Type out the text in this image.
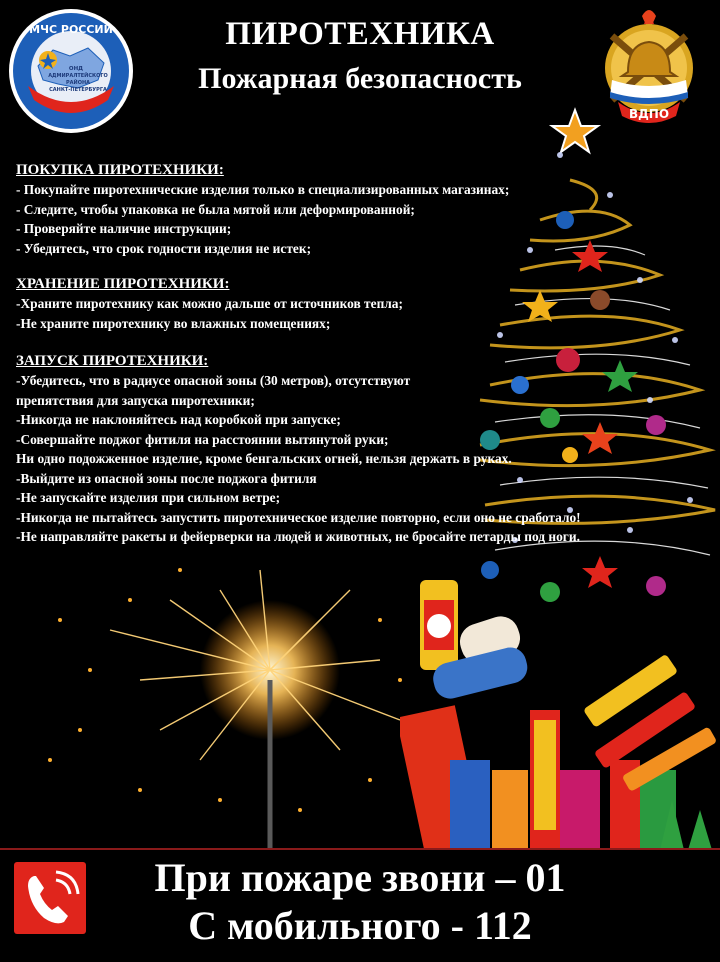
МЧС РОССИИ
ОНД
АДМИРАЛТЕЙСКОГО
РАЙОНА
САНКТ-ПЕТЕРБУРГА
ПИРОТЕХНИКА
Пожарная безопасность
ВДПО

ПОКУПКА ПИРОТЕХНИКИ:

- Покупайте пиротехнические изделия только в специализированных магазинах;

- Следите, чтобы упаковка не была мятой или деформированной;

- Проверяйте наличие инструкции;

- Убедитесь, что срок годности изделия не истек;

ХРАНЕНИЕ ПИРОТЕХНИКИ:

-Храните пиротехнику как можно дальше от источников тепла;

-Не храните пиротехнику во влажных помещениях;

ЗАПУСК ПИРОТЕХНИКИ:

-Убедитесь, что в радиусе опасной зоны (30 метров), отсутствуют

препятствия для запуска пиротехники;

-Никогда не наклоняйтесь над коробкой при запуске;

-Совершайте поджог фитиля на расстоянии вытянутой руки;

Ни одно подожженное изделие, кроме бенгальских огней, нельзя держать в руках.

-Выйдите из опасной зоны после поджога фитиля

-Не запускайте изделия при сильном ветре;

-Никогда не пытайтесь запустить пиротехническое изделие повторно, если оно не сработало!

-Не направляйте ракеты и фейерверки на людей и животных, не бросайте петарды под ноги.

При пожаре звони – 01
С мобильного - 112
